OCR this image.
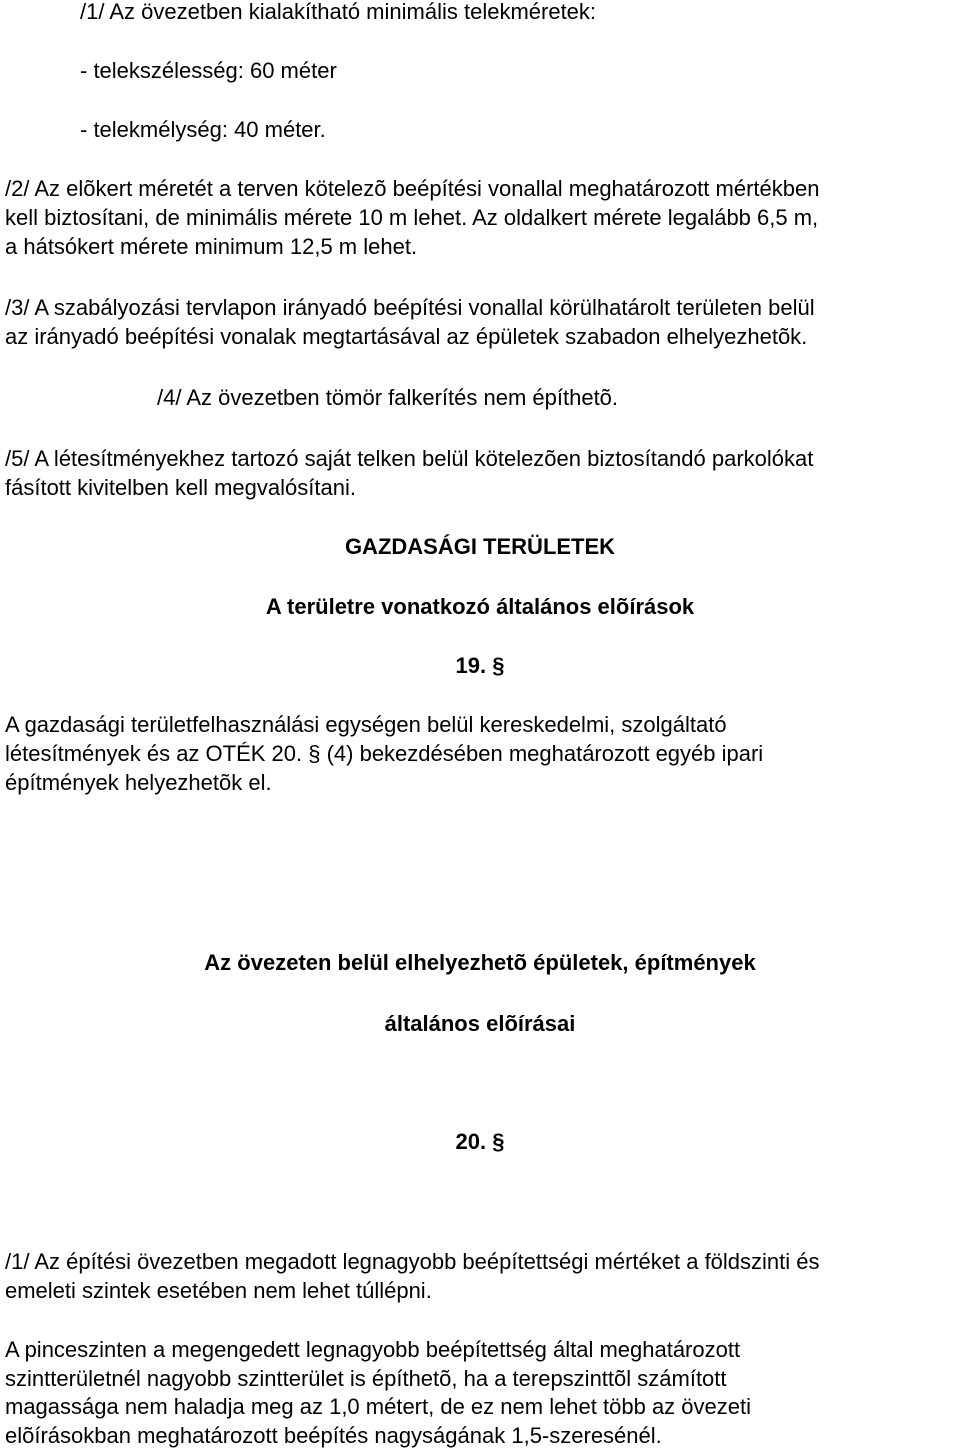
/1/ Az övezetben kialakítható minimális telekméretek:
- telekszélesség: 60 méter
- telekmélység: 40 méter.
/2/ Az elõkert méretét a terven kötelezõ beépítési vonallal meghatározott mértékben
kell biztosítani, de minimális mérete 10 m lehet. Az oldalkert mérete legalább 6,5 m,
a hátsókert mérete minimum 12,5 m lehet.
/3/ A szabályozási tervlapon irányadó beépítési vonallal körülhatárolt területen belül
az irányadó beépítési vonalak megtartásával az épületek szabadon elhelyezhetõk.
/4/ Az övezetben tömör falkerítés nem építhetõ.
/5/ A létesítményekhez tartozó saját telken belül kötelezõen biztosítandó parkolókat
fásított kivitelben kell megvalósítani.
GAZDASÁGI TERÜLETEK
A területre vonatkozó általános elõírások
19. §
A gazdasági területfelhasználási egységen belül kereskedelmi, szolgáltató
létesítmények és az OTÉK 20. § (4) bekezdésében meghatározott egyéb ipari
építmények helyezhetõk el.
Az övezeten belül elhelyezhetõ épületek, építmények
általános elõírásai
20. §
/1/ Az építési övezetben megadott legnagyobb beépítettségi mértéket a földszinti és
emeleti szintek esetében nem lehet túllépni.
A pinceszinten a megengedett legnagyobb beépítettség által meghatározott
szintterületnél nagyobb szintterület is építhetõ, ha a terepszinttõl számított
magassága nem haladja meg az 1,0 métert, de ez nem lehet több az övezeti
elõírásokban meghatározott beépítés nagyságának 1,5-szeresénél.
